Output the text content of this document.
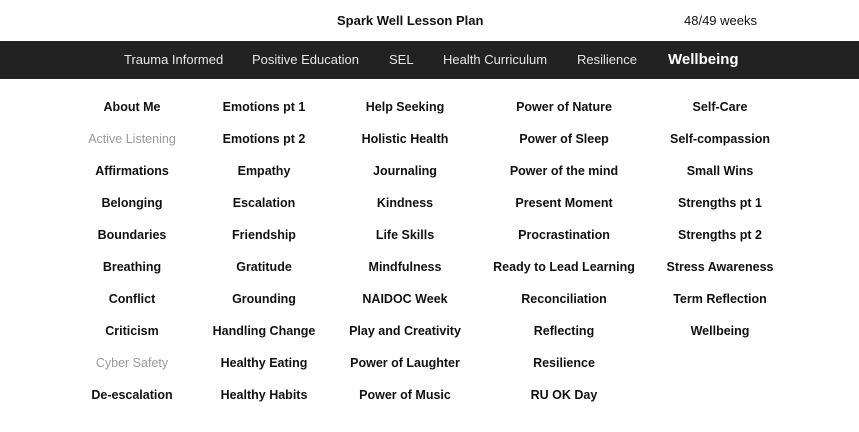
Spark Well Lesson Plan	48/49 weeks
Trauma Informed Positive Education SEL Health Curriculum Resilience Wellbeing
About Me
Active Listening
Affirmations
Belonging
Boundaries
Breathing
Conflict
Criticism
Cyber Safety
De-escalation
Emotions pt 1
Emotions pt 2
Empathy
Escalation
Friendship
Gratitude
Grounding
Handling Change
Healthy Eating
Healthy Habits
Help Seeking
Holistic Health
Journaling
Kindness
Life Skills
Mindfulness
NAIDOC Week
Play and Creativity
Power of Laughter
Power of Music
Power of Nature
Power of Sleep
Power of the mind
Present Moment
Procrastination
Ready to Lead Learning
Reconciliation
Reflecting
Resilience
RU OK Day
Self-Care
Self-compassion
Small Wins
Strengths pt 1
Strengths pt 2
Stress Awareness
Term Reflection
Wellbeing
